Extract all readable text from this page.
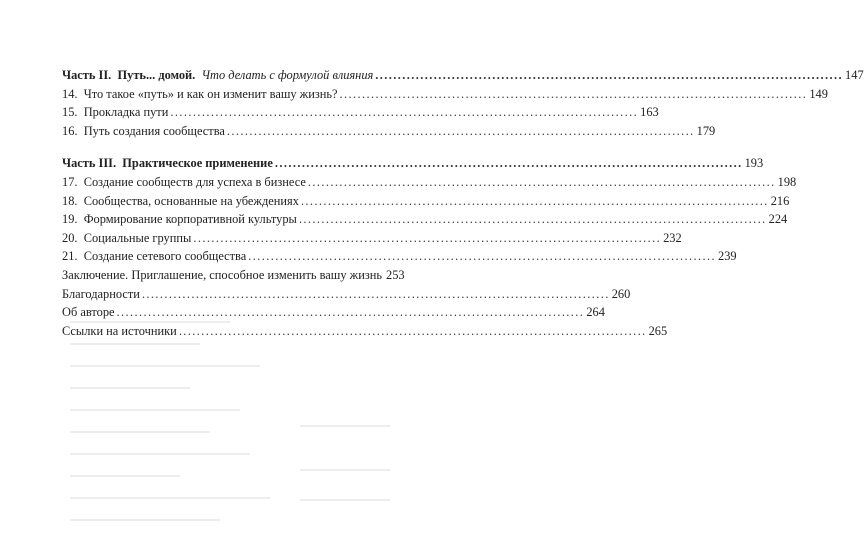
Часть II. Путь... домой. Что делать с формулой влияния ........................................................................................................ 147
14. Что такое «путь» и как он изменит вашу жизнь? ........................................................................................................ 149
15. Прокладка пути ........................................................................................................ 163
16. Путь создания сообщества ........................................................................................................ 179
Часть III. Практическое применение ........................................................................................................ 193
17. Создание сообществ для успеха в бизнесе ........................................................................................................ 198
18. Сообщества, основанные на убеждениях ........................................................................................................ 216
19. Формирование корпоративной культуры ........................................................................................................ 224
20. Социальные группы ........................................................................................................ 232
21. Создание сетевого сообщества ........................................................................................................ 239
Заключение. Приглашение, способное изменить вашу жизнь 253
Благодарности ........................................................................................................ 260
Об авторе ........................................................................................................ 264
Ссылки на источники ........................................................................................................ 265
